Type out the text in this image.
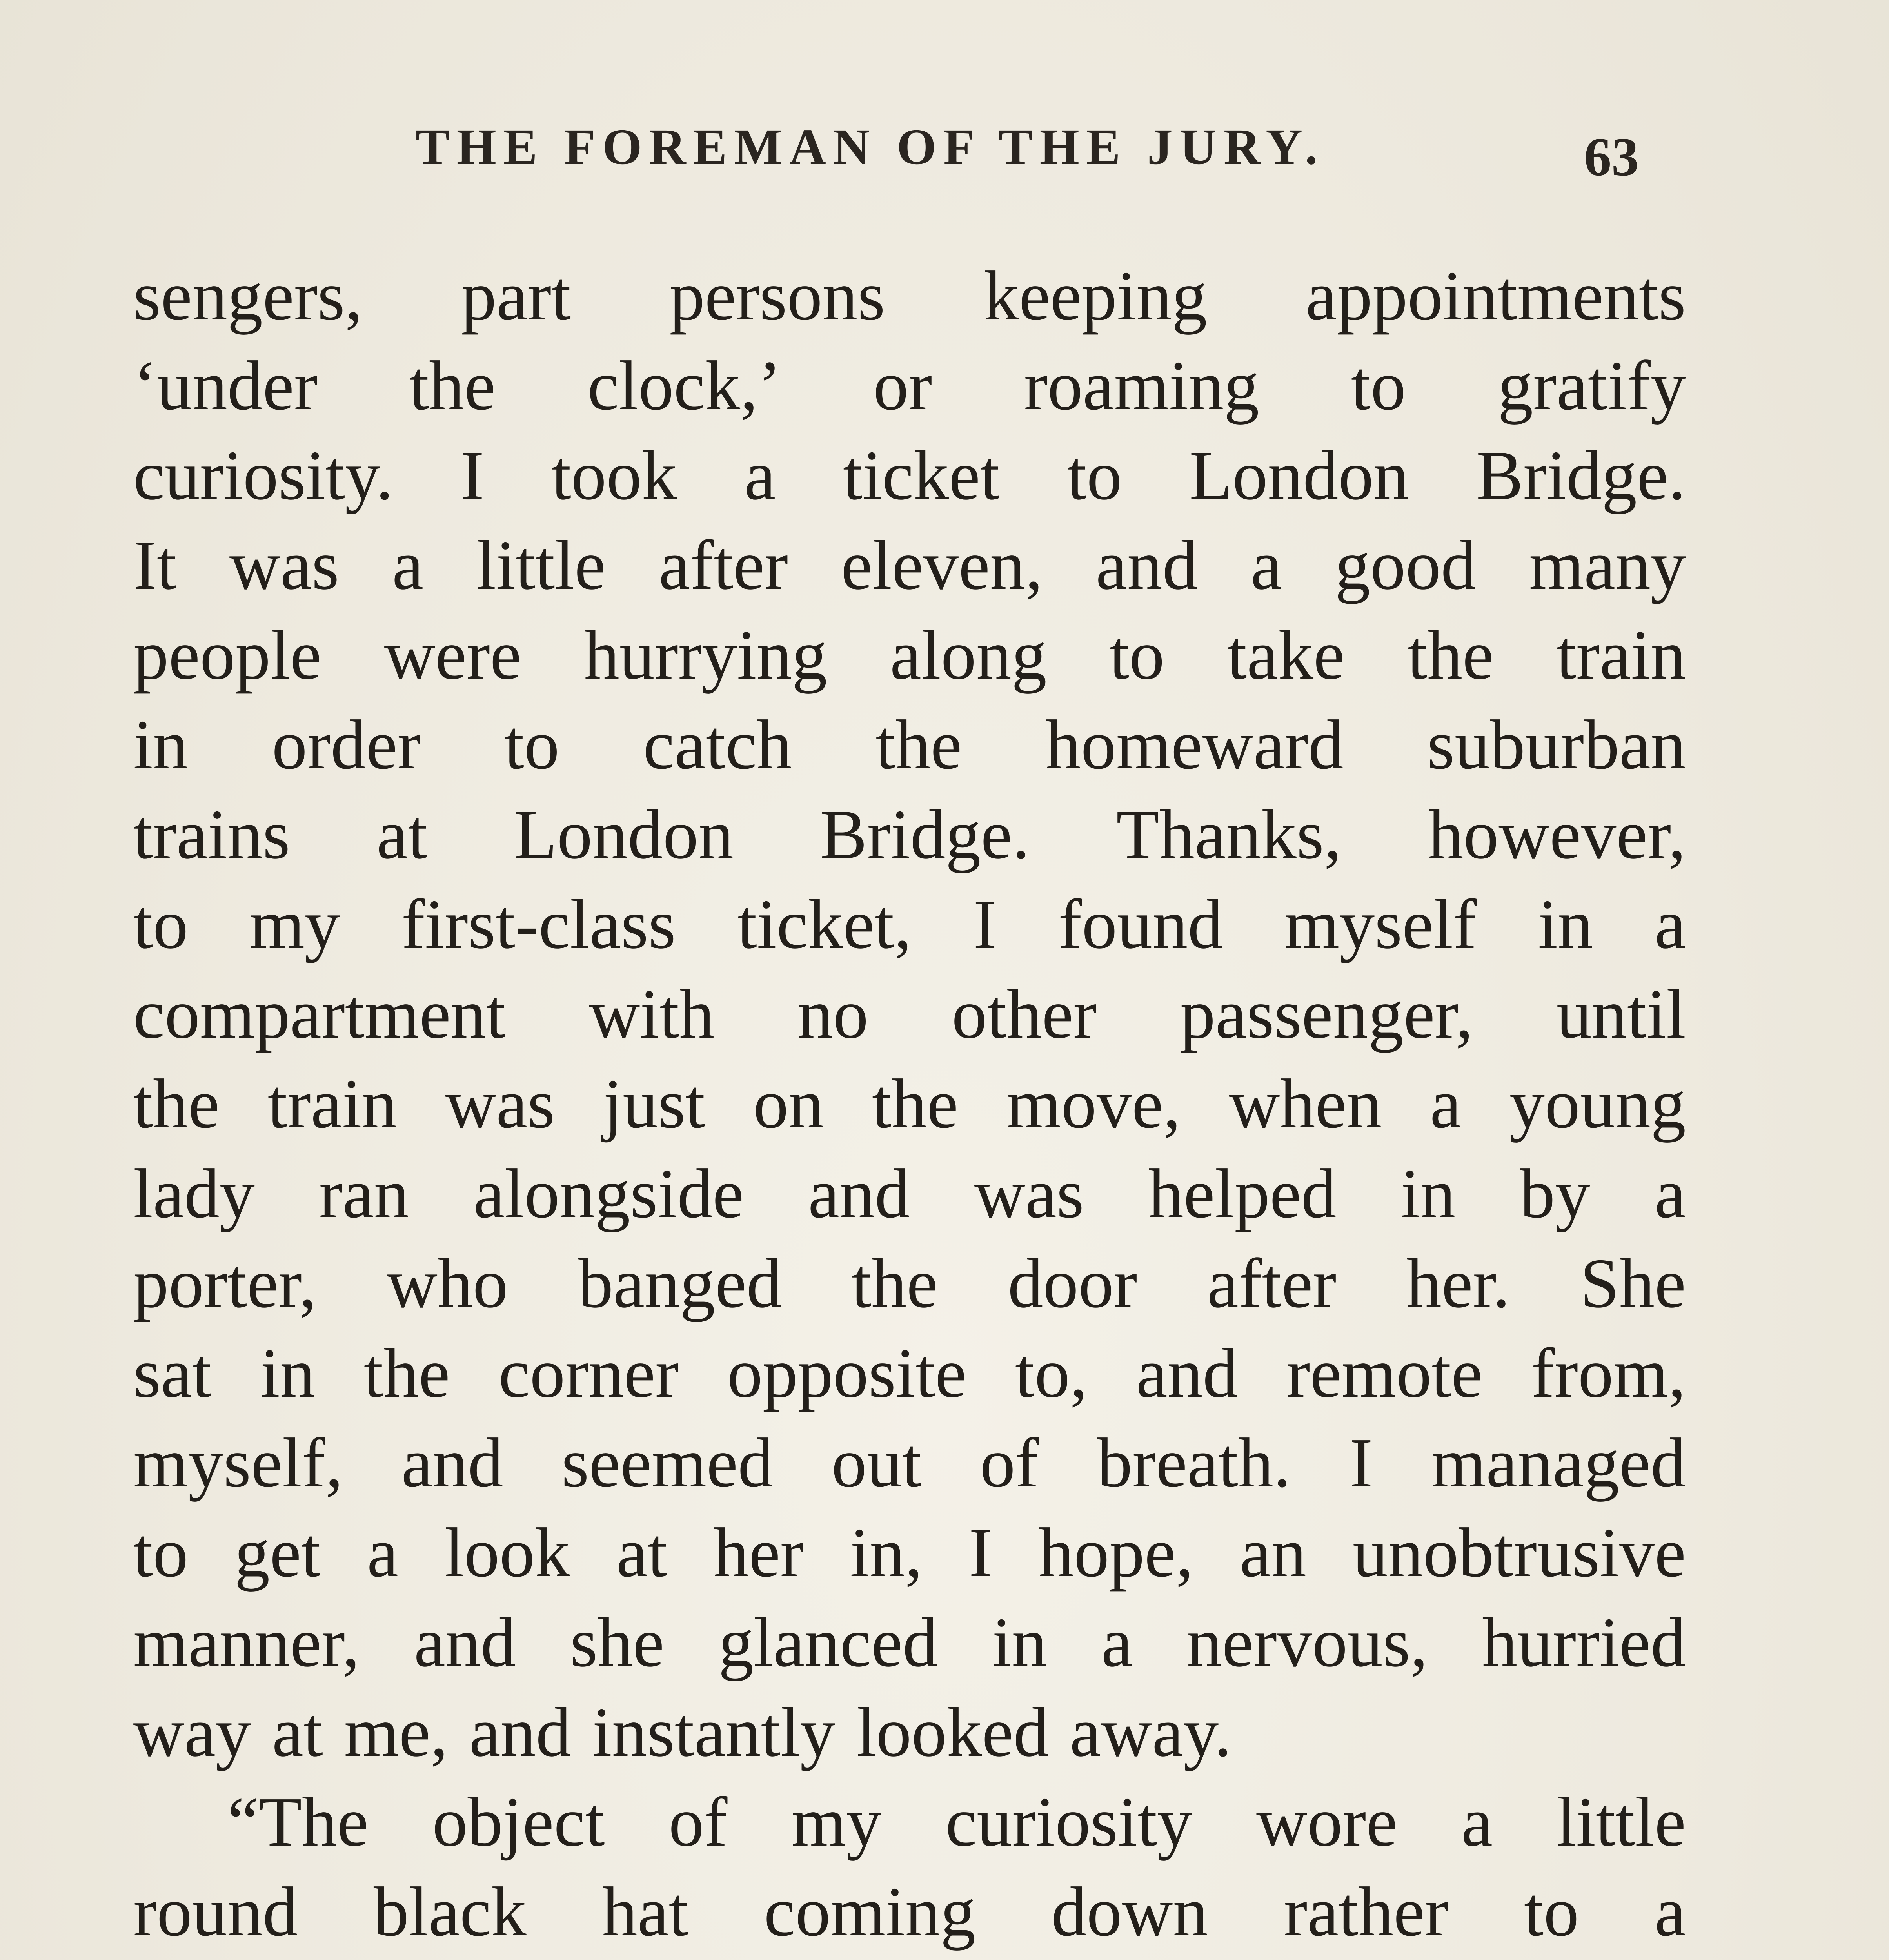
THE FOREMAN OF THE JURY.	63
sengers, part persons keeping appointments
‘under the clock,’ or roaming to gratify
curiosity. I took a ticket to London Bridge.
It was a little after eleven, and a good many
people were hurrying along to take the train
in order to catch the homeward suburban
trains at London Bridge. Thanks, however,
to my first-class ticket, I found myself in a
compartment with no other passenger, until
the train was just on the move, when a young
lady ran alongside and was helped in by a
porter, who banged the door after her. She
sat in the corner opposite to, and remote from,
myself, and seemed out of breath. I managed
to get a look at her in, I hope, an unobtrusive
manner, and she glanced in a nervous, hurried
way at me, and instantly looked away.
“The object of my curiosity wore a little
round black hat coming down rather to a
